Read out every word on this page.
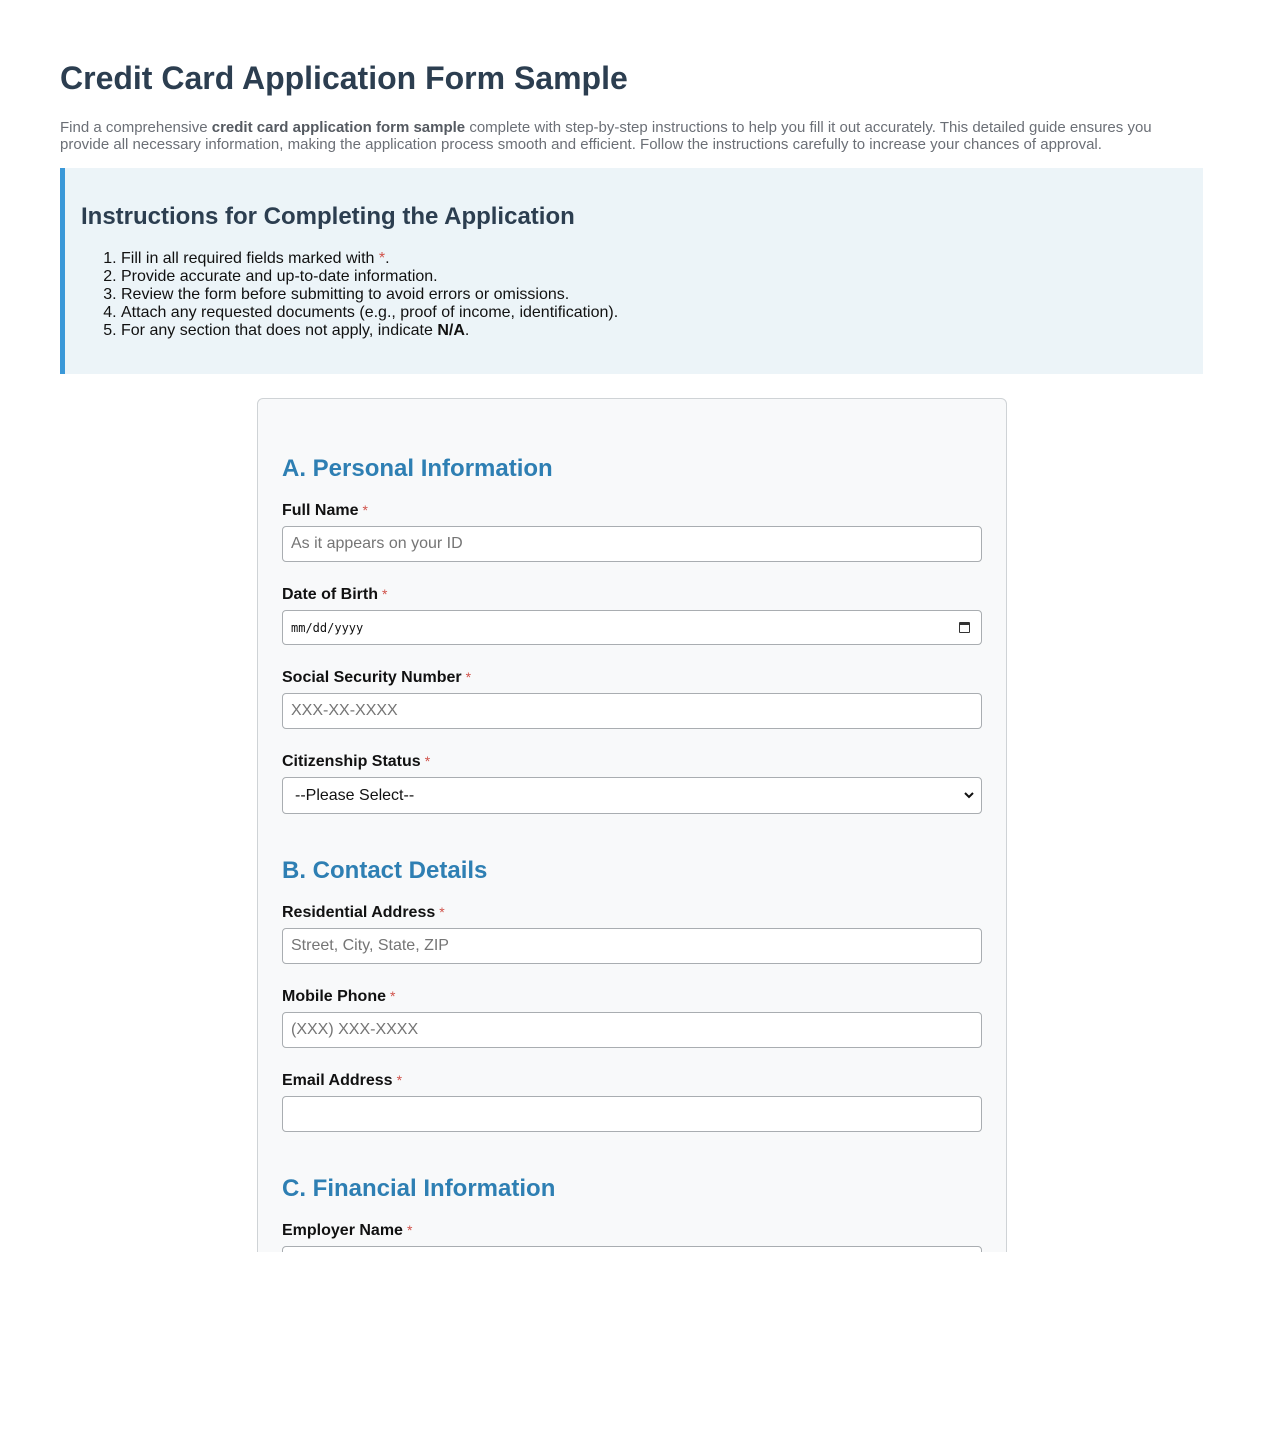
Credit Card Application Form Sample

Find a comprehensive credit card application form sample complete with step-by-step instructions to help you fill it out accurately. This detailed guide ensures you provide all necessary information, making the application process smooth and efficient. Follow the instructions carefully to increase your chances of approval.

Instructions for Completing the Application
1. Fill in all required fields marked with *.
2. Provide accurate and up-to-date information.
3. Review the form before submitting to avoid errors or omissions.
4. Attach any requested documents (e.g., proof of income, identification).
5. For any section that does not apply, indicate N/A.
A. Personal Information
Full Name *
As it appears on your ID
Date of Birth *
mm/dd/yyyy
Social Security Number *
XXX-XX-XXXX
Citizenship Status *
--Please Select--
B. Contact Details
Residential Address *
Street, City, State, ZIP
Mobile Phone *
(XXX) XXX-XXXX
Email Address *
C. Financial Information
Employer Name *
